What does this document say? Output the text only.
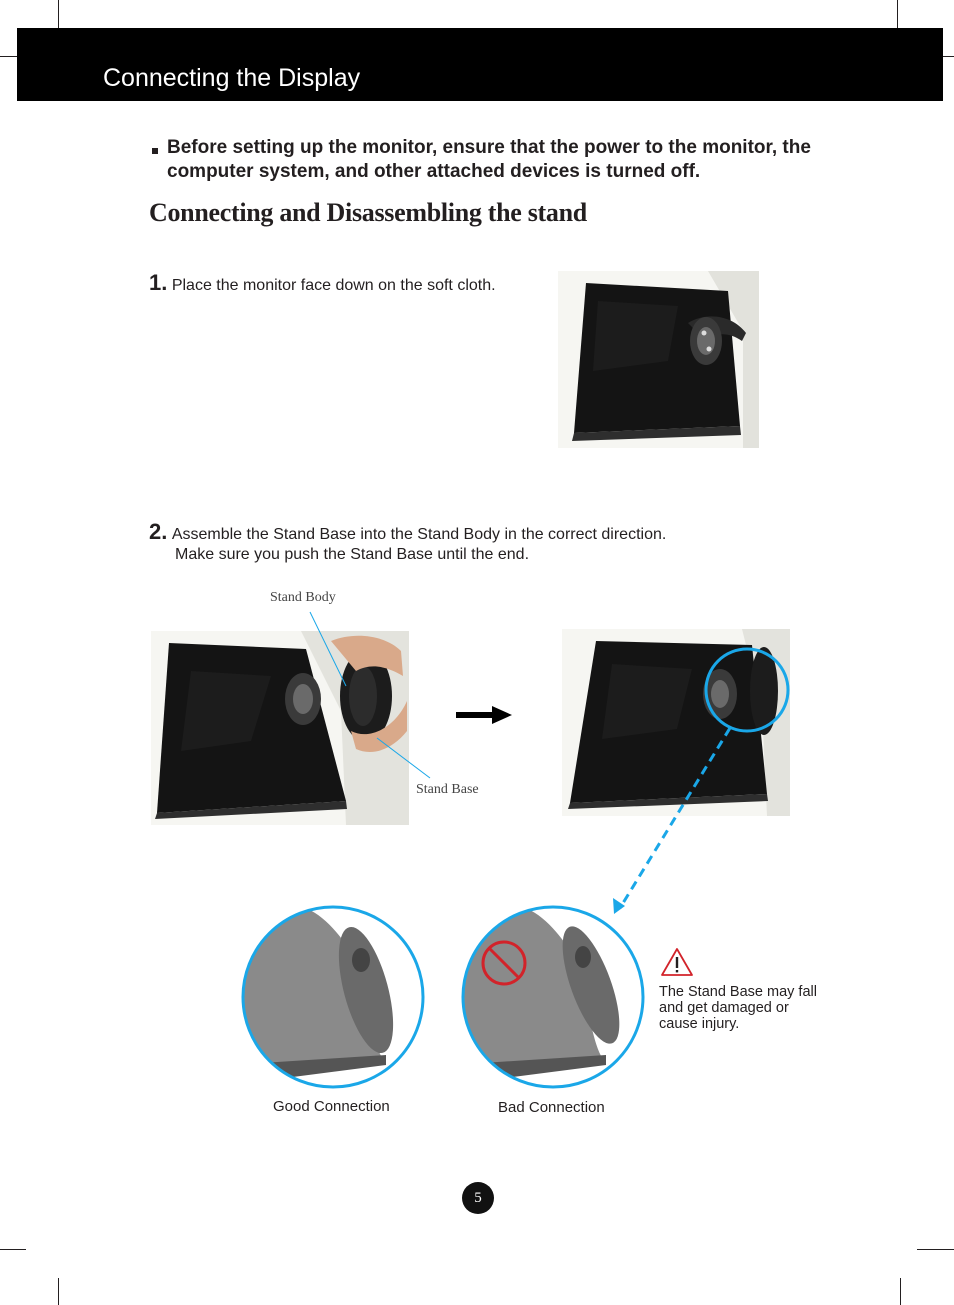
Connecting the Display
Before setting up the monitor, ensure that the power to the monitor, the computer system, and other attached devices is turned off.
Connecting and Disassembling the stand
1. Place the monitor face down on the soft cloth.
2. Assemble the Stand Base into the Stand Body in the correct direction.
Make sure you push the Stand Base until the end.
Stand Body
Stand Base
Good Connection	Bad Connection
The Stand Base may fall and get damaged or cause injury.
5
